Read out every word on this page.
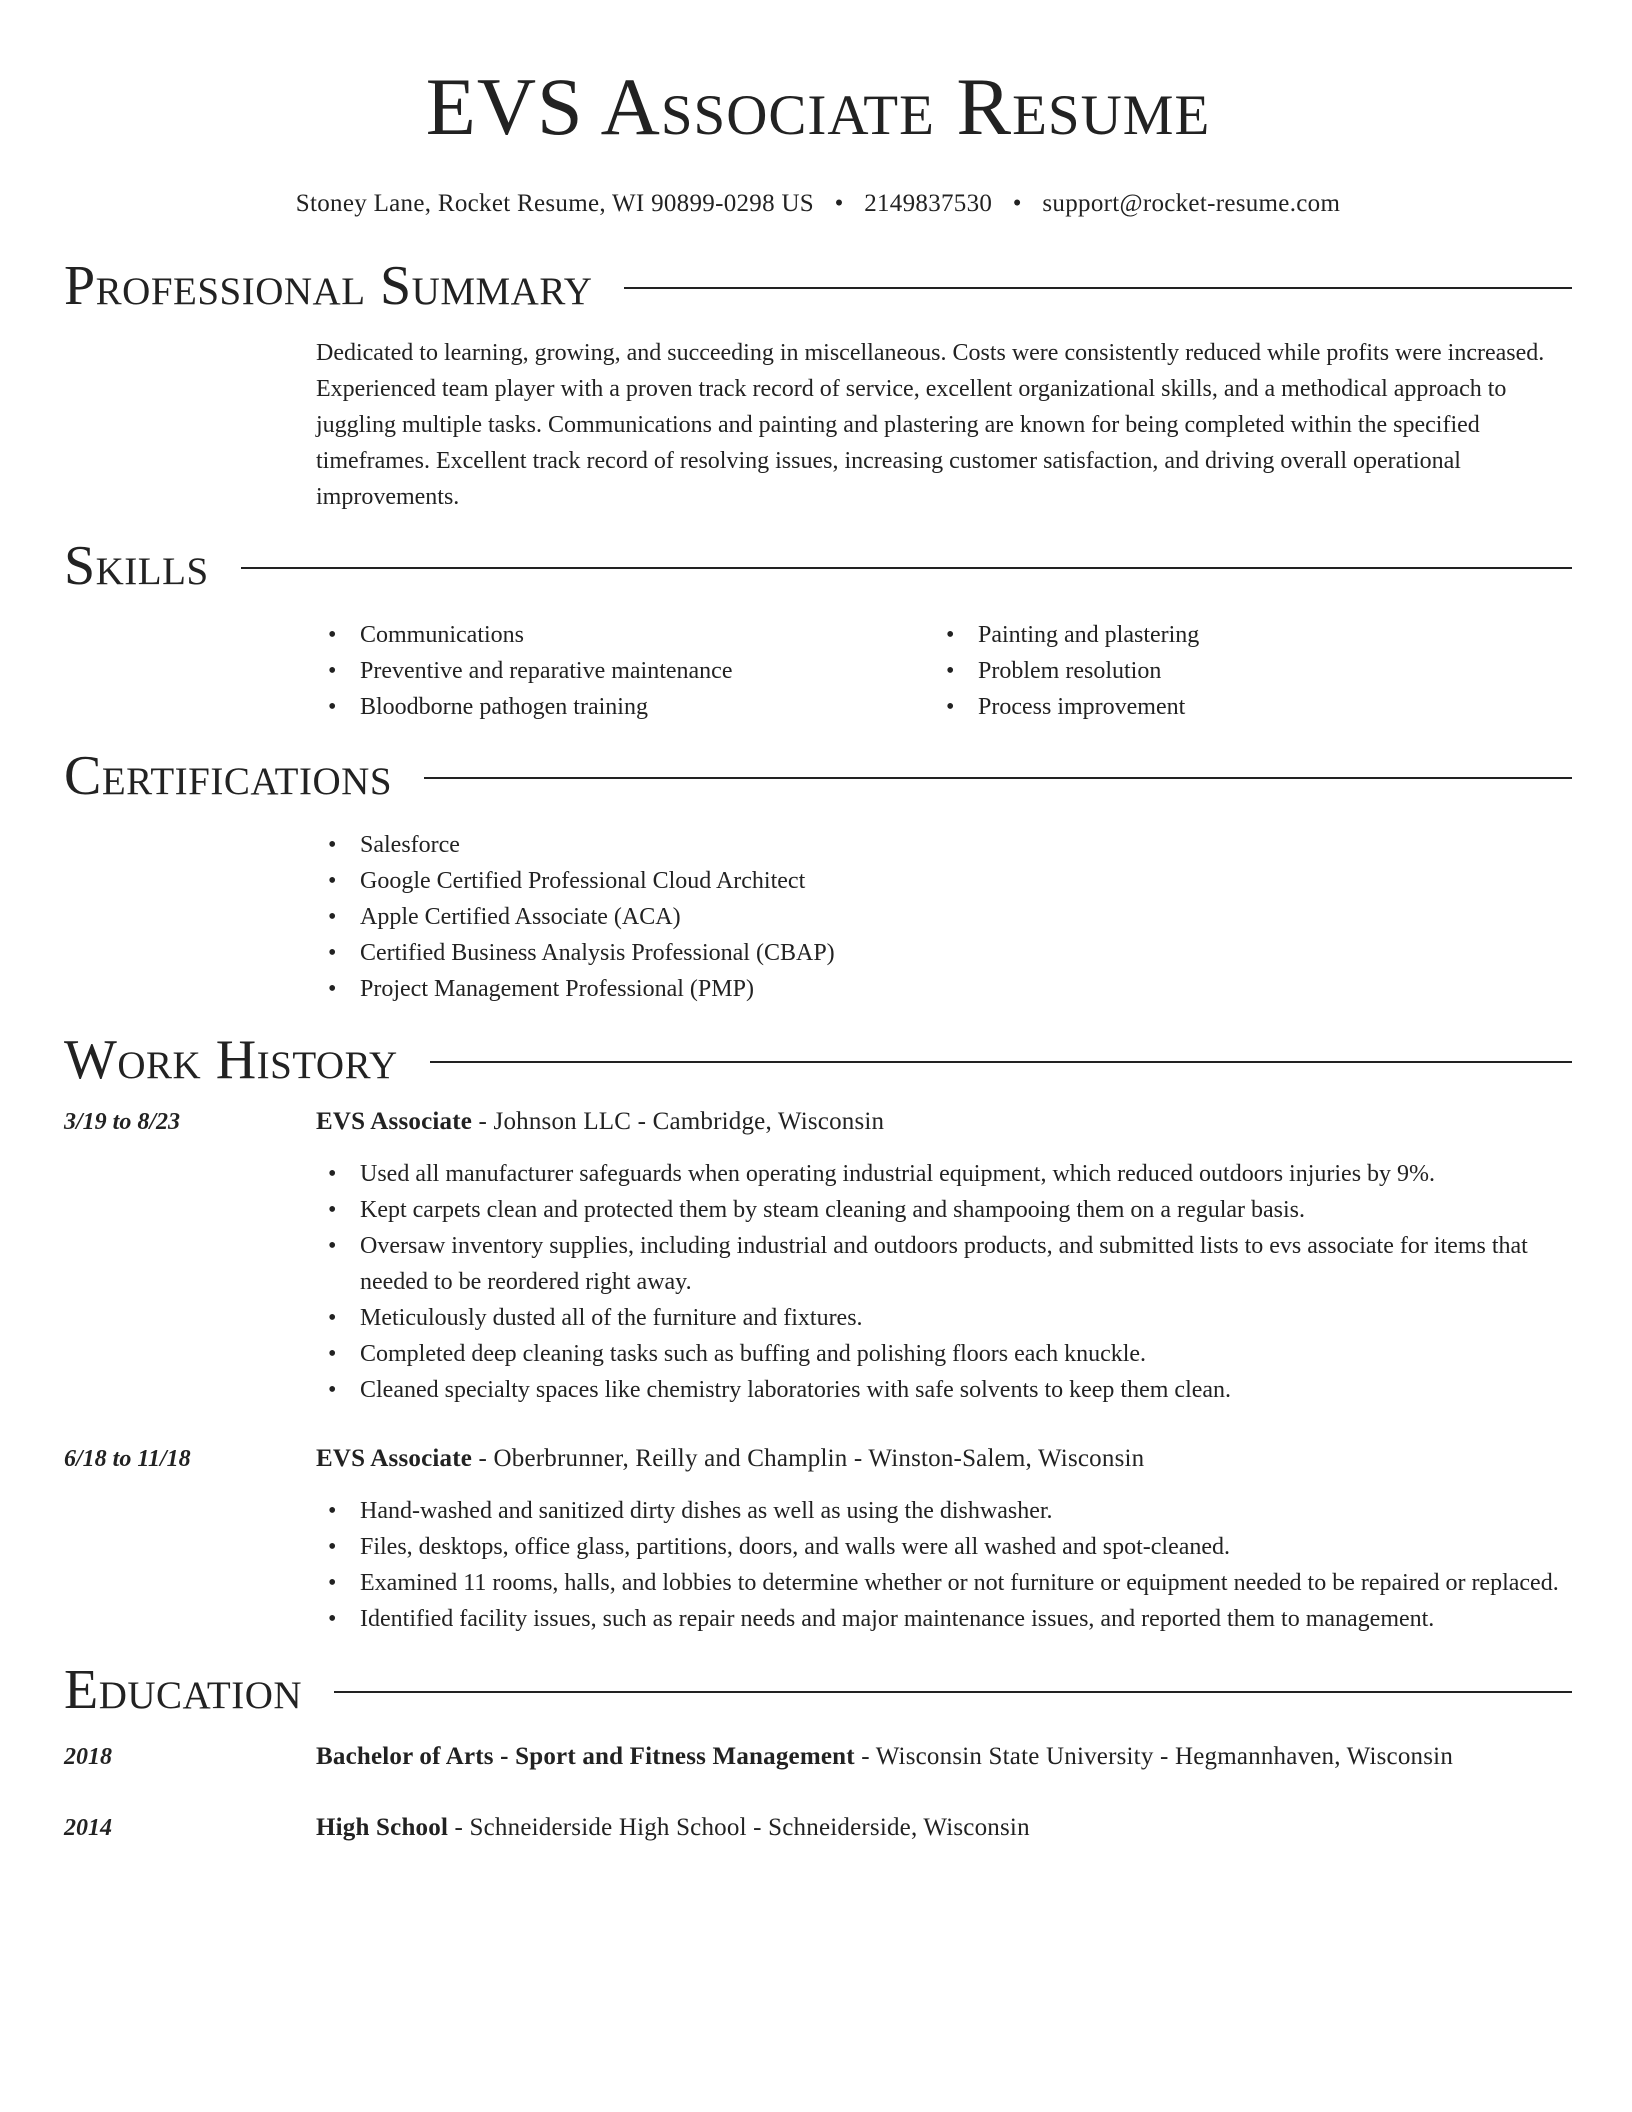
EVS Associate Resume
Stoney Lane, Rocket Resume, WI 90899-0298 US • 2149837530 • support@rocket-resume.com
Professional Summary

Dedicated to learning, growing, and succeeding in miscellaneous. Costs were consistently reduced while profits were increased. Experienced team player with a proven track record of service, excellent organizational skills, and a methodical approach to juggling multiple tasks. Communications and painting and plastering are known for being completed within the specified timeframes. Excellent track record of resolving issues, increasing customer satisfaction, and driving overall operational improvements.

Skills
• Communications
• Preventive and reparative maintenance
• Bloodborne pathogen training
• Painting and plastering
• Problem resolution
• Process improvement
Certifications
• Salesforce
• Google Certified Professional Cloud Architect
• Apple Certified Associate (ACA)
• Certified Business Analysis Professional (CBAP)
• Project Management Professional (PMP)
Work History
3/19 to 8/23	EVS Associate - Johnson LLC - Cambridge, Wisconsin
• Used all manufacturer safeguards when operating industrial equipment, which reduced outdoors injuries by 9%.
• Kept carpets clean and protected them by steam cleaning and shampooing them on a regular basis.
• Oversaw inventory supplies, including industrial and outdoors products, and submitted lists to evs associate for items that needed to be reordered right away.
• Meticulously dusted all of the furniture and fixtures.
• Completed deep cleaning tasks such as buffing and polishing floors each knuckle.
• Cleaned specialty spaces like chemistry laboratories with safe solvents to keep them clean.
6/18 to 11/18	EVS Associate - Oberbrunner, Reilly and Champlin - Winston-Salem, Wisconsin
• Hand-washed and sanitized dirty dishes as well as using the dishwasher.
• Files, desktops, office glass, partitions, doors, and walls were all washed and spot-cleaned.
• Examined 11 rooms, halls, and lobbies to determine whether or not furniture or equipment needed to be repaired or replaced.
• Identified facility issues, such as repair needs and major maintenance issues, and reported them to management.
Education
2018	Bachelor of Arts - Sport and Fitness Management - Wisconsin State University - Hegmannhaven, Wisconsin
2014	High School - Schneiderside High School - Schneiderside, Wisconsin
